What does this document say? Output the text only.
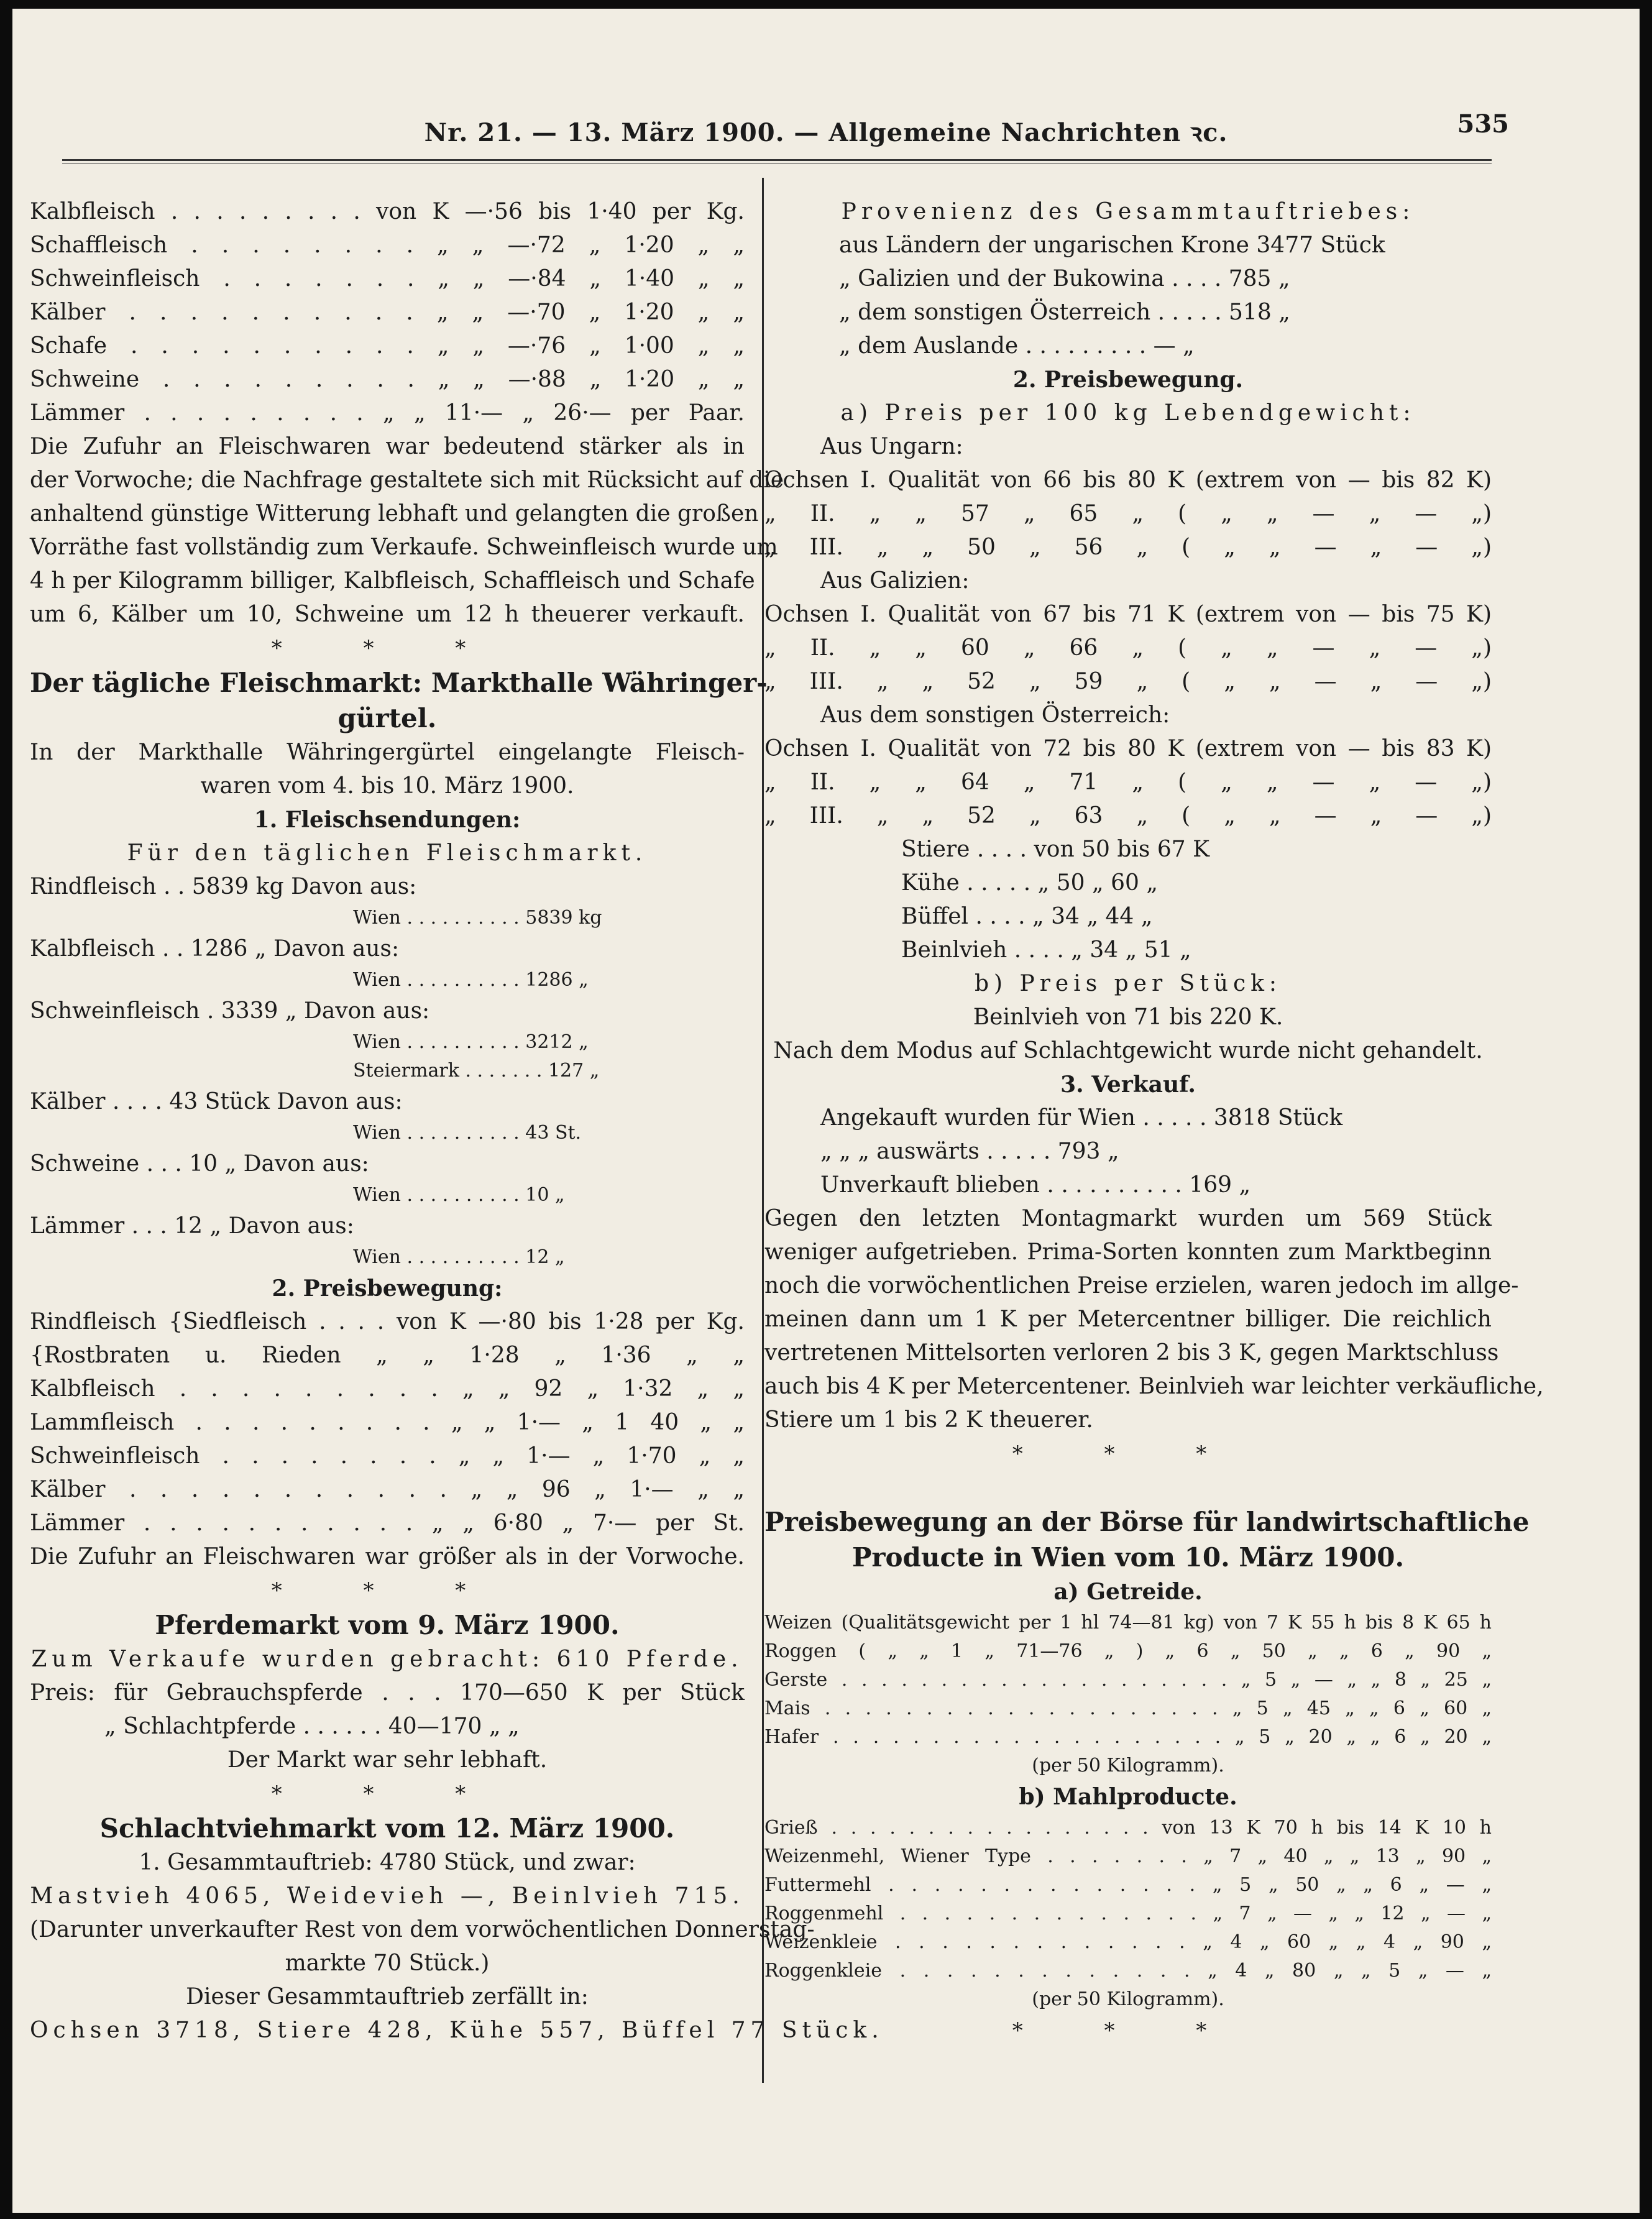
Nr. 21. — 13. März 1900. — Allgemeine Nachrichten ꝛc.	535
Kalbfleisch . . . . . . . . . von K —·56 bis 1·40 per Kg.
Schaffleisch . . . . . . . . „ „ —·72 „ 1·20 „ „
Schweinfleisch . . . . . . . „ „ —·84 „ 1·40 „ „
Kälber . . . . . . . . . . „ „ —·70 „ 1·20 „ „
Schafe . . . . . . . . . . „ „ —·76 „ 1·00 „ „
Schweine . . . . . . . . . „ „ —·88 „ 1·20 „ „
Lämmer . . . . . . . . . „ „ 11·— „ 26·— per Paar.
Die Zufuhr an Fleischwaren war bedeutend stärker als in
der Vorwoche; die Nachfrage gestaltete sich mit Rücksicht auf die
anhaltend günstige Witterung lebhaft und gelangten die großen
Vorräthe fast vollständig zum Verkaufe. Schweinfleisch wurde um
4 h per Kilogramm billiger, Kalbfleisch, Schaffleisch und Schafe
um 6, Kälber um 10, Schweine um 12 h theuerer verkauft.
* * *
Der tägliche Fleischmarkt: Markthalle Währinger-
gürtel.
In der Markthalle Währingergürtel eingelangte Fleisch-
waren vom 4. bis 10. März 1900.
1. Fleischsendungen:
Für den täglichen Fleischmarkt.
Rindfleisch . . 5839 kg Davon aus:
Wien . . . . . . . . . . 5839 kg
Kalbfleisch . . 1286 „ Davon aus:
Wien . . . . . . . . . . 1286 „
Schweinfleisch . 3339 „ Davon aus:
Wien . . . . . . . . . . 3212 „
Steiermark . . . . . . . 127 „
Kälber . . . . 43 Stück Davon aus:
Wien . . . . . . . . . . 43 St.
Schweine . . . 10 „ Davon aus:
Wien . . . . . . . . . . 10 „
Lämmer . . . 12 „ Davon aus:
Wien . . . . . . . . . . 12 „
2. Preisbewegung:
Rindfleisch {Siedfleisch . . . . von K —·80 bis 1·28 per Kg.
{Rostbraten u. Rieden „ „ 1·28 „ 1·36 „ „
Kalbfleisch . . . . . . . . . „ „ 92 „ 1·32 „ „
Lammfleisch . . . . . . . . . „ „ 1·— „ 1 40 „ „
Schweinfleisch . . . . . . . . „ „ 1·— „ 1·70 „ „
Kälber . . . . . . . . . . . „ „ 96 „ 1·— „ „
Lämmer . . . . . . . . . . . „ „ 6·80 „ 7·— per St.
Die Zufuhr an Fleischwaren war größer als in der Vorwoche.
* * *
Pferdemarkt vom 9. März 1900.
Zum Verkaufe wurden gebracht: 610 Pferde.
Preis: für Gebrauchspferde . . . 170—650 K per Stück
„ Schlachtpferde . . . . . . 40—170 „ „
Der Markt war sehr lebhaft.
* * *
Schlachtviehmarkt vom 12. März 1900.
1. Gesammtauftrieb: 4780 Stück, und zwar:
Mastvieh 4065, Weidevieh —, Beinlvieh 715.
(Darunter unverkaufter Rest von dem vorwöchentlichen Donnerstag-
markte 70 Stück.)
Dieser Gesammtauftrieb zerfällt in:
Ochsen 3718, Stiere 428, Kühe 557, Büffel 77 Stück.
Provenienz des Gesammtauftriebes:
aus Ländern der ungarischen Krone 3477 Stück
„ Galizien und der Bukowina . . . . 785 „
„ dem sonstigen Österreich . . . . . 518 „
„ dem Auslande . . . . . . . . . — „
2. Preisbewegung.
a) Preis per 100 kg Lebendgewicht:
Aus Ungarn:
Ochsen I. Qualität von 66 bis 80 K (extrem von — bis 82 K)
„ II. „ „ 57 „ 65 „ ( „ „ — „ — „)
„ III. „ „ 50 „ 56 „ ( „ „ — „ — „)
Aus Galizien:
Ochsen I. Qualität von 67 bis 71 K (extrem von — bis 75 K)
„ II. „ „ 60 „ 66 „ ( „ „ — „ — „)
„ III. „ „ 52 „ 59 „ ( „ „ — „ — „)
Aus dem sonstigen Österreich:
Ochsen I. Qualität von 72 bis 80 K (extrem von — bis 83 K)
„ II. „ „ 64 „ 71 „ ( „ „ — „ — „)
„ III. „ „ 52 „ 63 „ ( „ „ — „ — „)
Stiere . . . . von 50 bis 67 K
Kühe . . . . . „ 50 „ 60 „
Büffel . . . . „ 34 „ 44 „
Beinlvieh . . . . „ 34 „ 51 „
b) Preis per Stück:
Beinlvieh von 71 bis 220 K.
Nach dem Modus auf Schlachtgewicht wurde nicht gehandelt.
3. Verkauf.
Angekauft wurden für Wien . . . . . 3818 Stück
„ „ „ auswärts . . . . . 793 „
Unverkauft blieben . . . . . . . . . . 169 „
Gegen den letzten Montagmarkt wurden um 569 Stück
weniger aufgetrieben. Prima-Sorten konnten zum Marktbeginn
noch die vorwöchentlichen Preise erzielen, waren jedoch im allge-
meinen dann um 1 K per Metercentner billiger. Die reichlich
vertretenen Mittelsorten verloren 2 bis 3 K, gegen Marktschluss
auch bis 4 K per Metercentener. Beinlvieh war leichter verkäufliche,
Stiere um 1 bis 2 K theuerer.
* * *
Preisbewegung an der Börse für landwirtschaftliche
Producte in Wien vom 10. März 1900.
a) Getreide.
Weizen (Qualitätsgewicht per 1 hl 74—81 kg) von 7 K 55 h bis 8 K 65 h
Roggen ( „ „ 1 „ 71—76 „ ) „ 6 „ 50 „ „ 6 „ 90 „
Gerste . . . . . . . . . . . . . . . . . . . . „ 5 „ — „ „ 8 „ 25 „
Mais . . . . . . . . . . . . . . . . . . . . „ 5 „ 45 „ „ 6 „ 60 „
Hafer . . . . . . . . . . . . . . . . . . . . „ 5 „ 20 „ „ 6 „ 20 „
(per 50 Kilogramm).
b) Mahlproducte.
Grieß . . . . . . . . . . . . . . . . . von 13 K 70 h bis 14 K 10 h
Weizenmehl, Wiener Type . . . . . . . „ 7 „ 40 „ „ 13 „ 90 „
Futtermehl . . . . . . . . . . . . . . „ 5 „ 50 „ „ 6 „ — „
Roggenmehl . . . . . . . . . . . . . . „ 7 „ — „ „ 12 „ — „
Weizenkleie . . . . . . . . . . . . . „ 4 „ 60 „ „ 4 „ 90 „
Roggenkleie . . . . . . . . . . . . . „ 4 „ 80 „ „ 5 „ — „
(per 50 Kilogramm).
* * *
